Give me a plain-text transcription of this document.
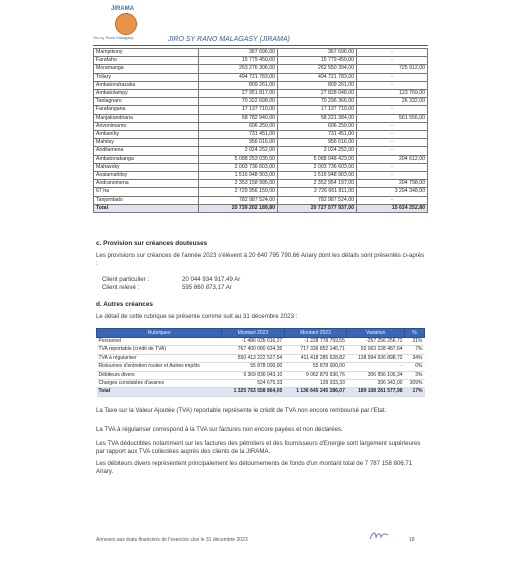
JIRAMA
Jiro sy Rano Malagasy	JIRO SY RANO MALAGASY (JIRAMA)
Mampikony	367 696,00	367 696,00	-
Farafaho	15 779 450,00	15 779 450,00	-
Moramanga	263 276 306,00	262 550 394,00	725 912,00
Toliary	494 721 783,00	494 721 783,00	-
Ambatondrazaka	809 261,00	809 261,00	-
Ambatolampy	27 951 817,00	27 828 048,00	123 769,00
Taolagnaro	70 322 698,00	70 296 366,00	26 332,00
Farafangana	17 137 710,00	17 137 710,00	-
Manjakandriana	58 782 940,00	58 221 384,00	561 556,00
Arivonimamo	606 259,00	606 259,00	-
Ambanihy	731 451,00	731 451,00	-
Mahitsy	956 016,00	956 016,00	-
Andilamena	2 024 252,00	2 024 252,00	-
Ambatonakanga	5 088 253 035,00	5 088 048 423,00	204 612,00
Mahavoky	2 003 736 603,00	2 003 736 603,00	-
Analamahitsy	1 516 948 903,00	1 516 948 903,00	-
Andranomena	2 353 158 995,00	2 352 954 197,00	204 798,00
67 ha	2 729 956 159,00	2 726 661 811,00	3 294 348,00
Tanjombato	782 987 524,00	782 987 524,00	-
Total	20 739 202 189,80	20 727 577 937,00	15 624 252,80
c. Provision sur créances douteuses
Les provisions sur créances de l'année 2023 s'élèvent à 20 640 795 790,66 Ariary dont les détails sont présentés ci-après :
Client particulier :	20 044 934 917,49 Ar
Client relevé :	595 860 873,17 Ar
d. Autres créances
Le détail de cette rubrique se présente comme suit au 31 décembre 2023 :
Rubriques	Montant 2023	Montant 2022	Variation	%
Personnel	-1 486 035 016,27	-1 228 778 759,55	-257 256 256,72	21%
TVA reportable (crédit de TVA)	767 400 080 634,35	717 336 852 146,71	50 063 228 487,64	7%
TVA à régulariser	550 413 222 527,54	411 418 285 628,82	138 994 936 898,72	34%
Ristournes d'entretien routier et Autres impôts	55 878 000,00	55 878 000,00	-	0%
Débiteurs divers	9 369 836 043,10	9 062 879 936,76	306 956 106,34	3%
Charges constatées d'avance	524 675,33	128 333,33	396 342,00	309%
Total	1 325 753 558 864,05	1 136 645 245 286,07	189 108 261 577,98	17%
La Taxe sur la Valeur Ajoutée (TVA) reportable représente le crédit de TVA non encore remboursé par l'Etat.
La TVA à régulariser correspond à la TVA sur factures non encore payées et non déclarées.
Les TVA déductibles notamment sur les factures des pétroliers et des fournisseurs d'Energie sont largement supérieures par rapport aux TVA collectées auprès des clients de la JIRAMA.
Les débiteurs divers représentent principalement les détournements de fonds d'un montant total de 7 787 158 806,71 Ariary.
Annexes aux états financiers de l'exercice clos le 31 décembre 2023	18
